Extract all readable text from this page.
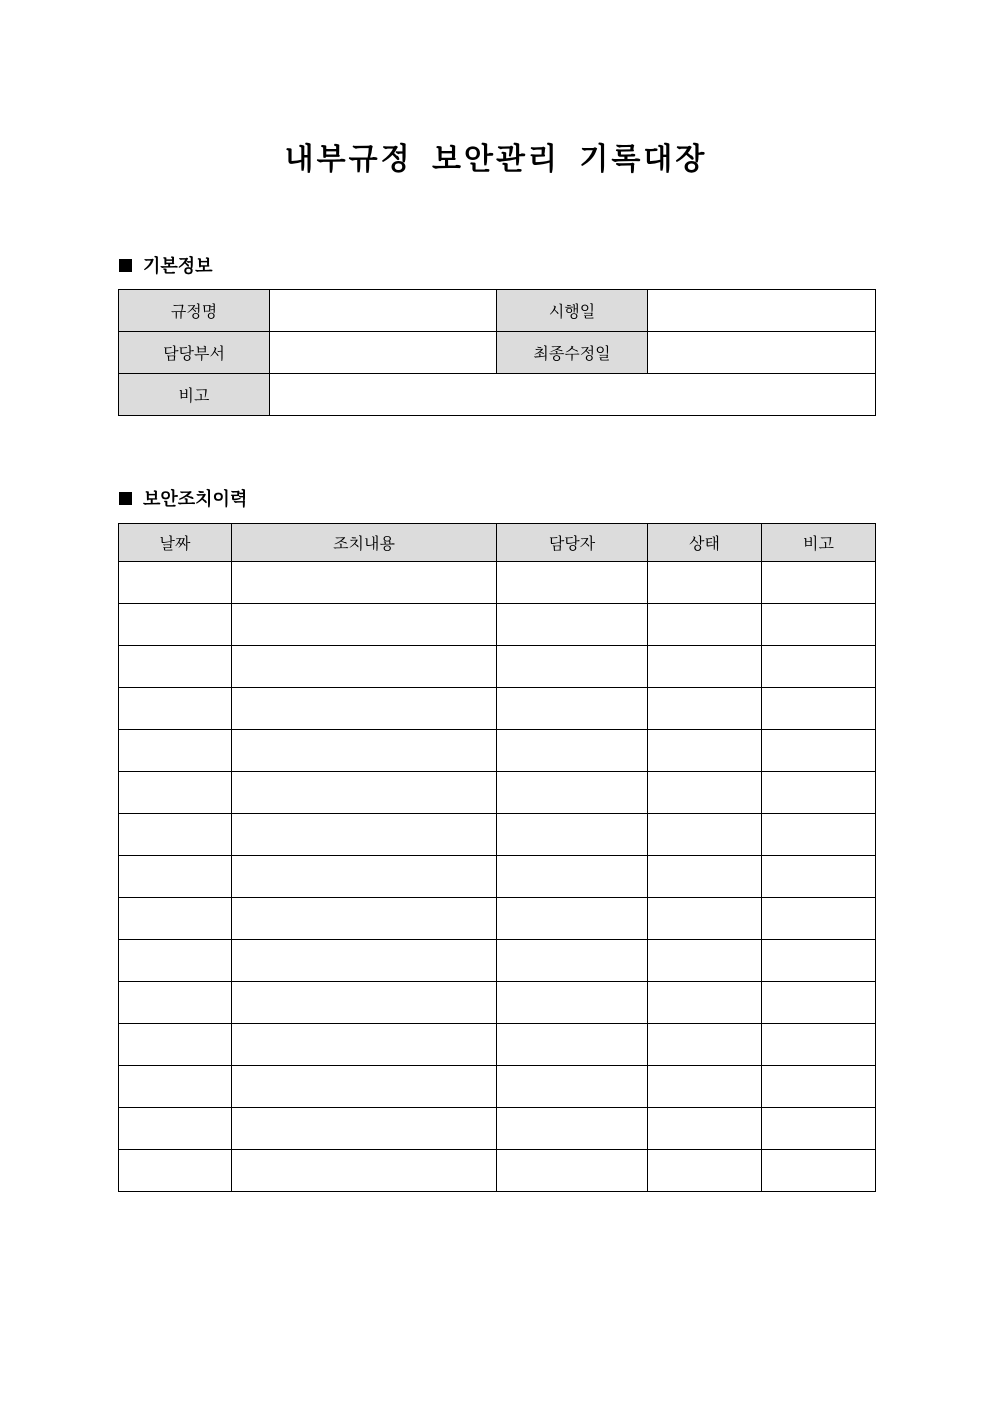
내부규정 보안관리 기록대장
기본정보
규정명		시행일	
담당부서		최종수정일	
비고			
보안조치이력
날짜	조치내용	담당자	상태	비고
